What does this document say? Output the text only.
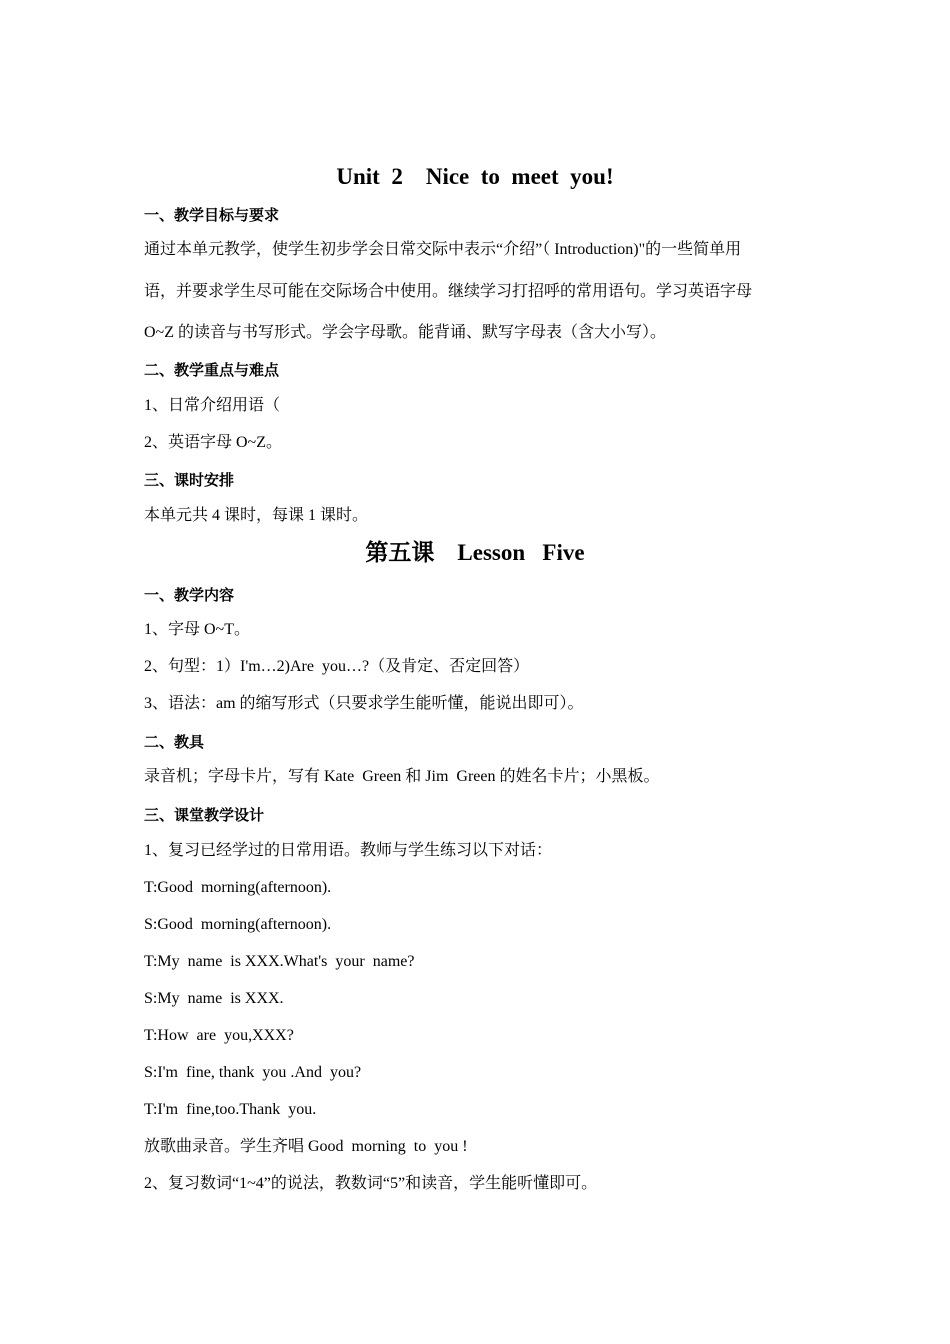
Unit  2    Nice  to  meet  you!
一、教学目标与要求
通过本单元教学，使学生初步学会日常交际中表示“介绍”（ Introduction)"的一些简单用
语，并要求学生尽可能在交际场合中使用。继续学习打招呼的常用语句。学习英语字母
O~Z 的读音与书写形式。学会字母歌。能背诵、默写字母表（含大小写）。
二、教学重点与难点
1、日常介绍用语（
2、英语字母 O~Z。
三、课时安排
本单元共 4 课时，每课 1 课时。
第五课    Lesson   Five
一、教学内容
1、字母 O~T。
2、句型：1）I'm…2)Are  you…?（及肯定、否定回答）
3、语法：am 的缩写形式（只要求学生能听懂，能说出即可）。
二、教具
录音机；字母卡片，写有 Kate  Green 和 Jim  Green 的姓名卡片；小黑板。
三、课堂教学设计
1、复习已经学过的日常用语。教师与学生练习以下对话：
T:Good  morning(afternoon).
S:Good  morning(afternoon).
T:My  name  is XXX.What's  your  name?
S:My  name  is XXX.
T:How  are  you,XXX?
S:I'm  fine, thank  you .And  you?
T:I'm  fine,too.Thank  you.
放歌曲录音。学生齐唱 Good  morning  to  you !
2、复习数词“1~4”的说法，教数词“5”和读音，学生能听懂即可。
